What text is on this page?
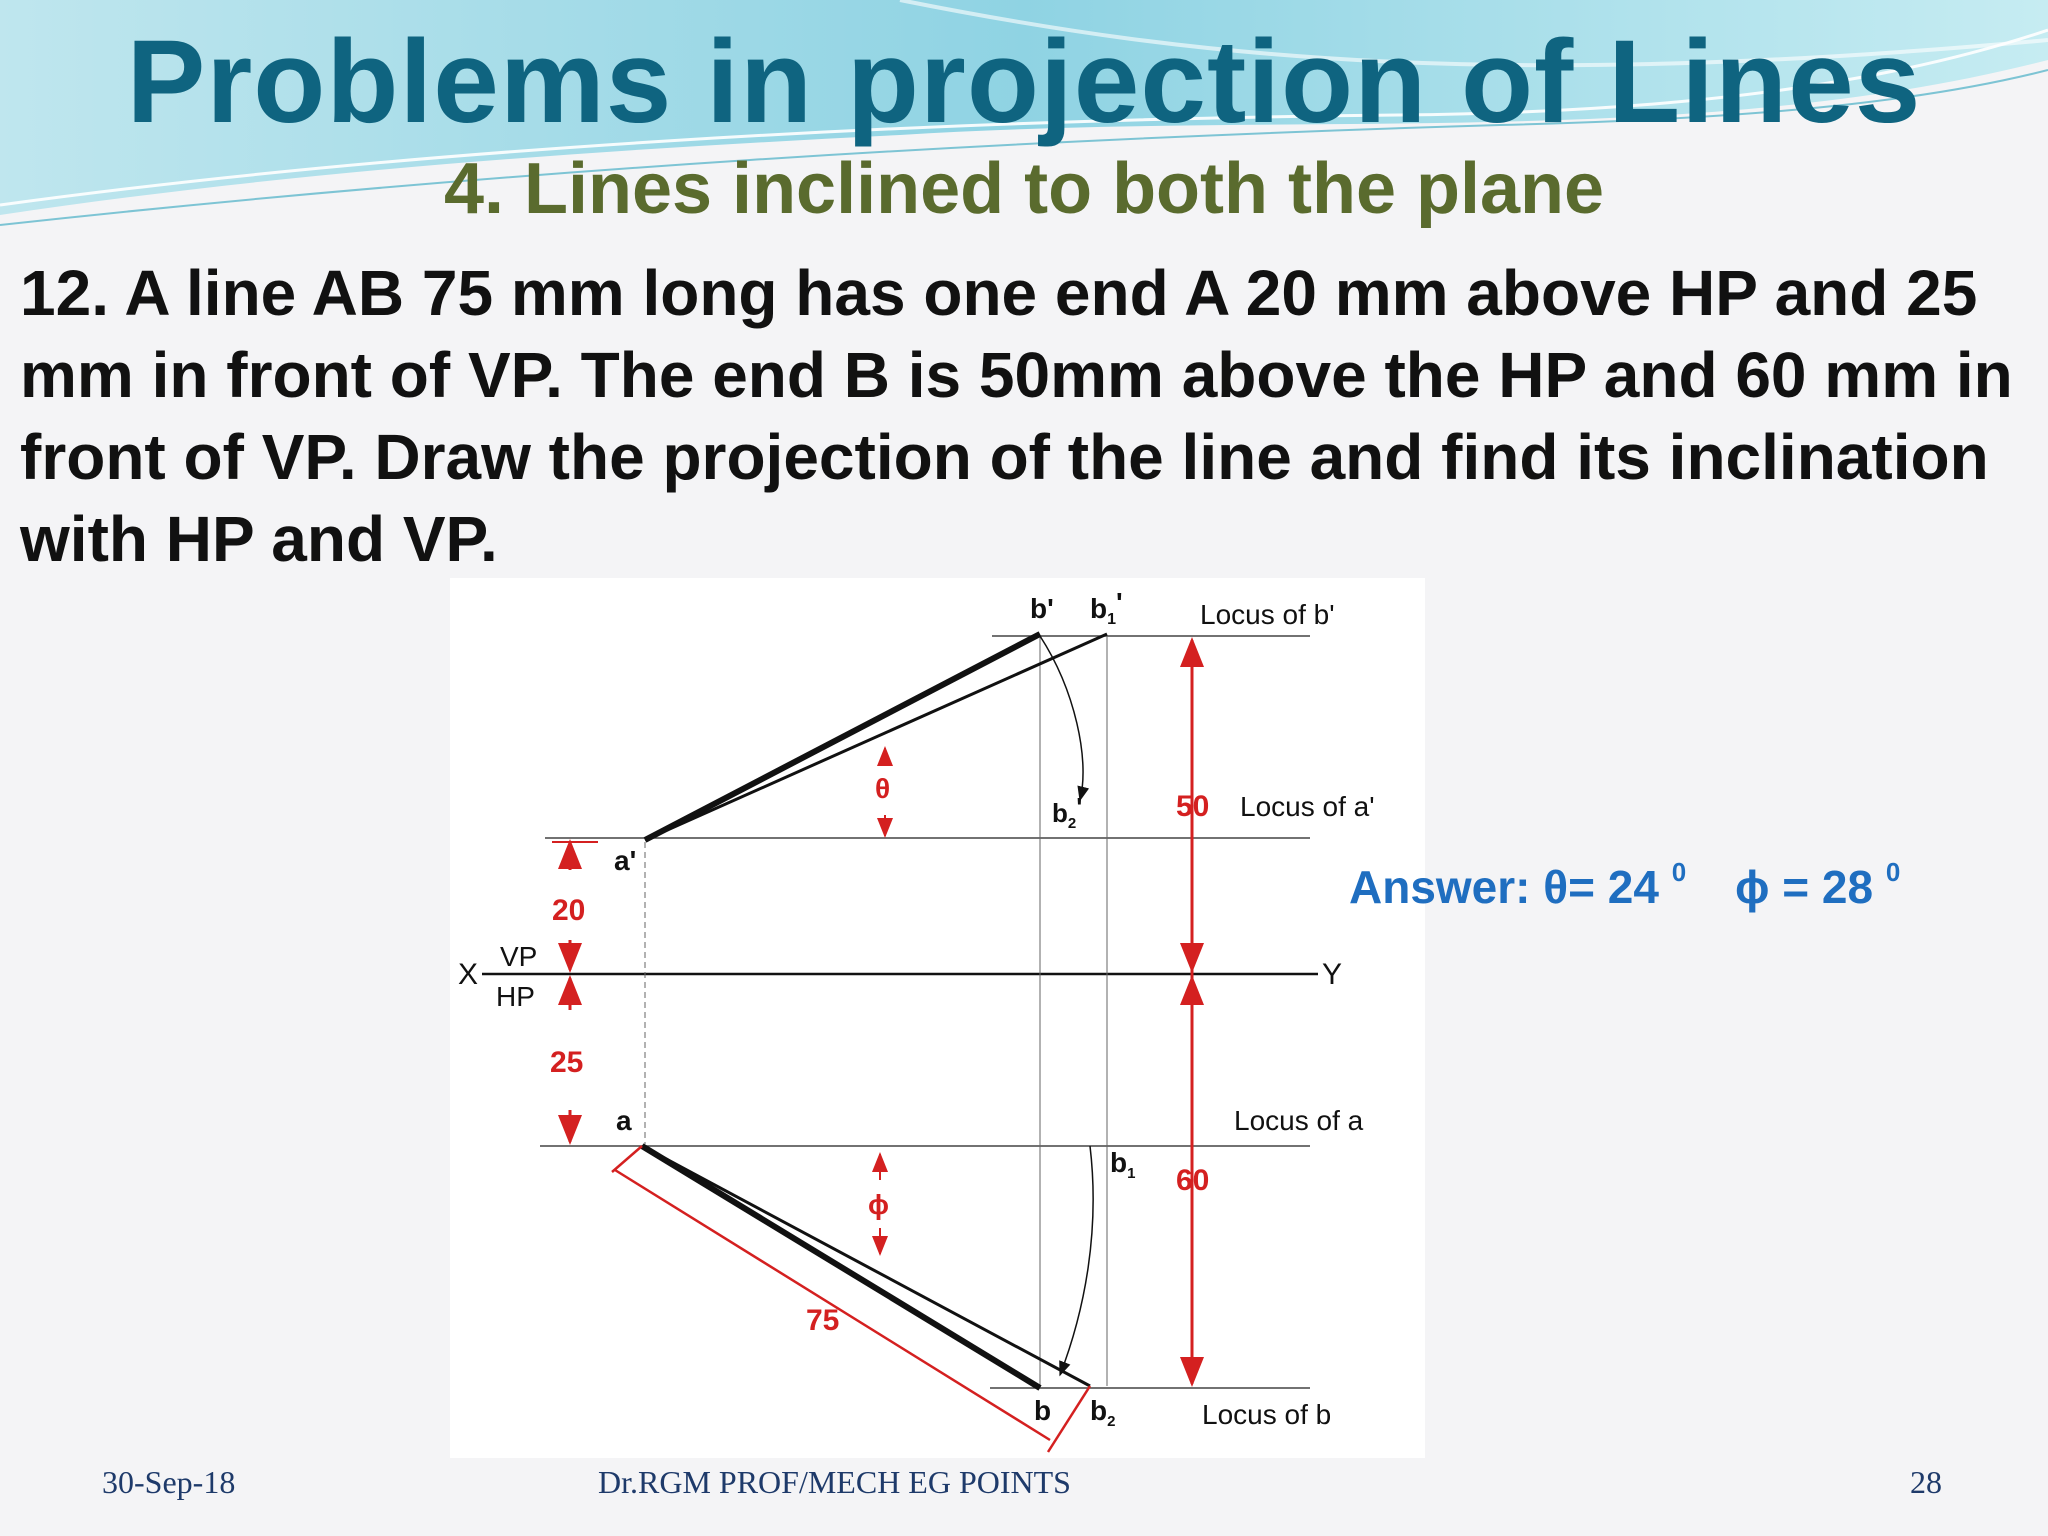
Problems in projection of Lines
4. Lines inclined to both the plane
12. A line AB 75 mm long has one end A 20 mm above HP and 25 mm in front of VP. The end B is 50mm above the HP and 60 mm in front of VP. Draw the projection of the line and find its inclination with HP and VP.
b' $b_1'$	Locus of b'
θ
$b_2'$	50 Locus of a'
a'
20
X
VP
HP
Y
25
a	Locus of a
$b_1$ 60
ϕ
75
b $b_2$	Locus of b
Answer: θ= 24 $^0$ ϕ = 28 $^0$
30-Sep-18	Dr.RGM PROF/MECH EG POINTS	28
